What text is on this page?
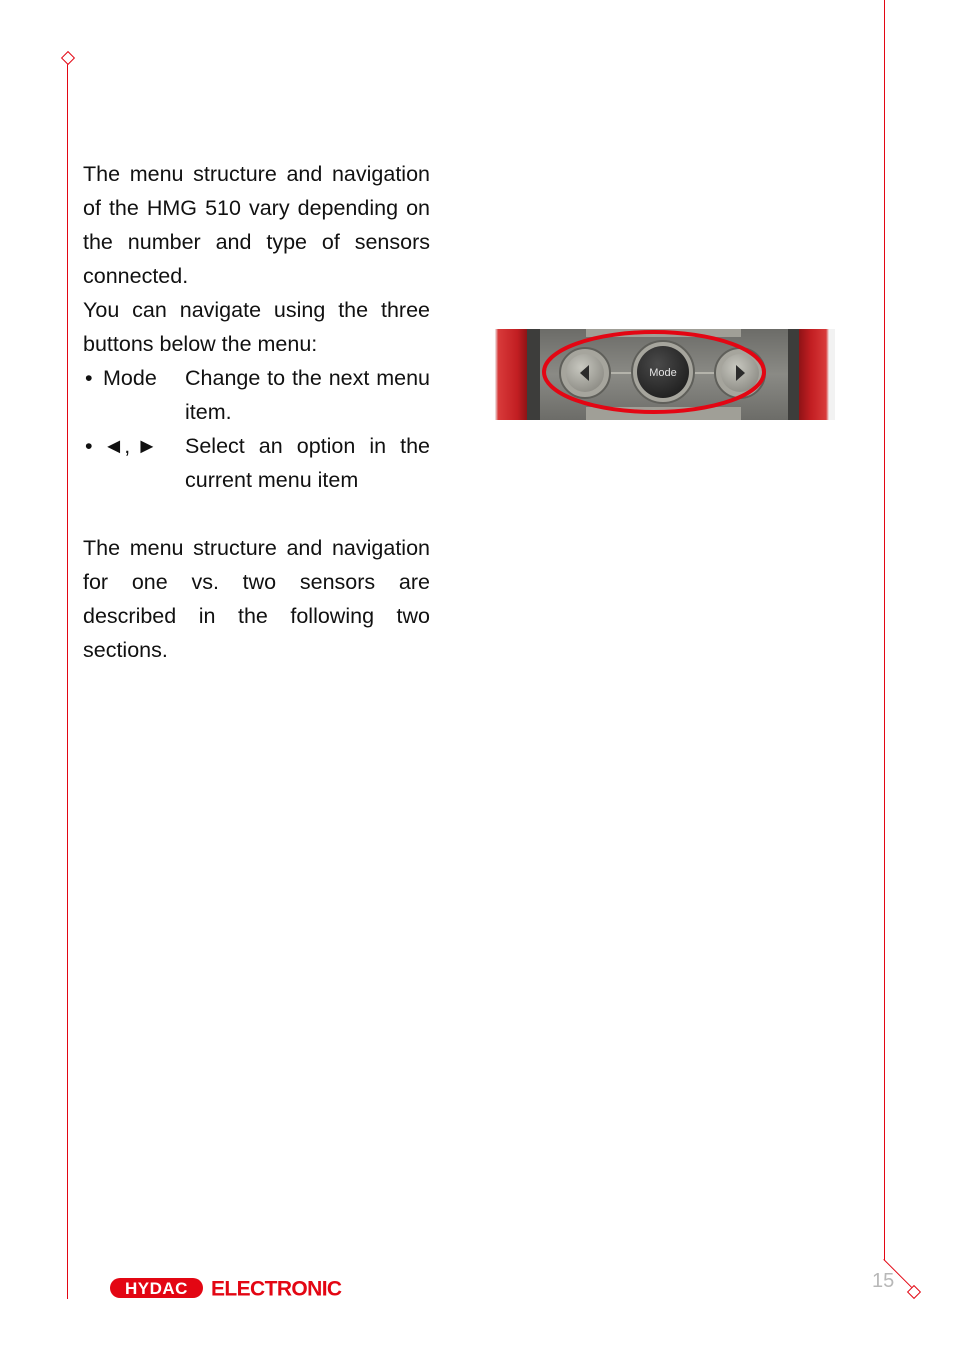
The menu structure and navigation of the HMG 510 vary depending on the number and type of sensors connected.

You can navigate using the three buttons below the menu:

• Mode Change to the next menu item.
• ◄, ► Select an option in the current menu item

The menu structure and navigation for one vs. two sensors are described in the following two sections.

Mode
HYDAC ELECTRONIC	15
